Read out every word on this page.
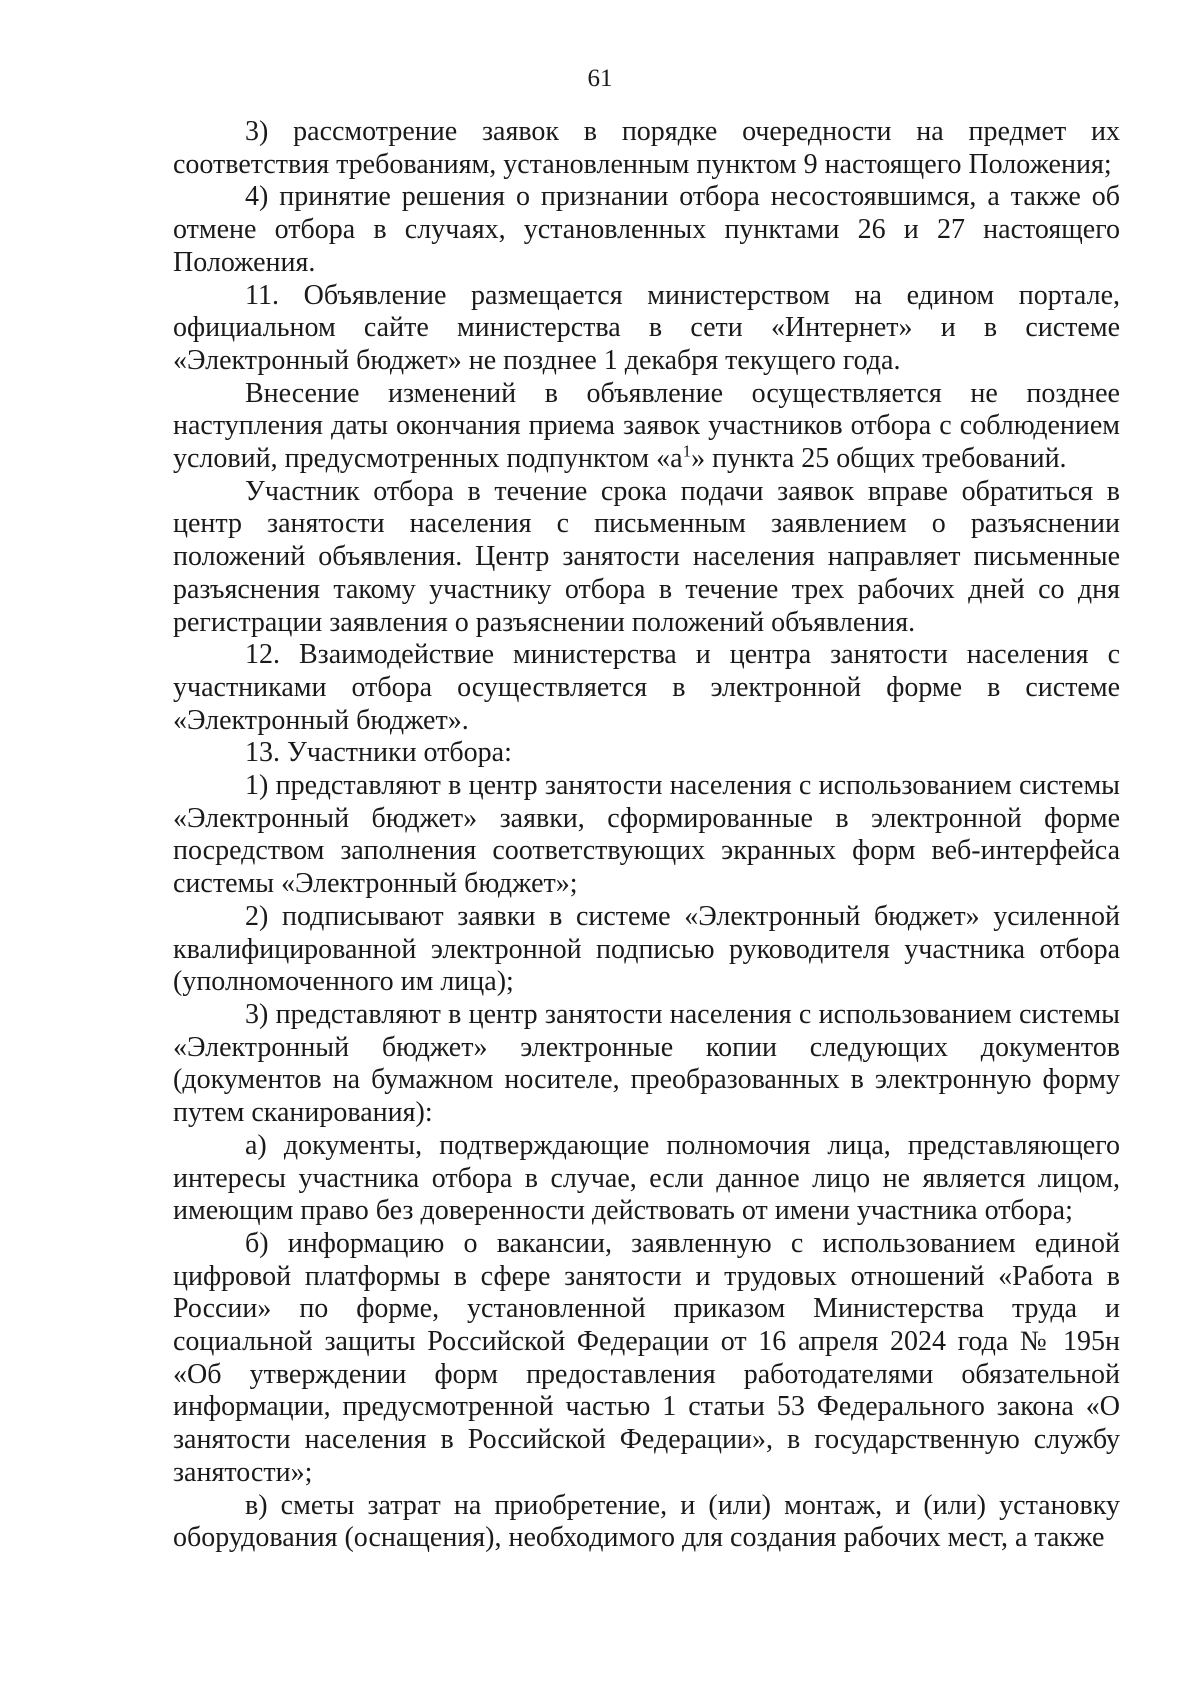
61

3) рассмотрение заявок в порядке очередности на предмет их соответствия требованиям, установленным пунктом 9 настоящего Положения;

4) принятие решения о признании отбора несостоявшимся, а также об отмене отбора в случаях, установленных пунктами 26 и 27 настоящего Положения.

11. Объявление размещается министерством на едином портале, официальном сайте министерства в сети «Интернет» и в системе «Электронный бюджет» не позднее 1 декабря текущего года.

Внесение изменений в объявление осуществляется не позднее наступления даты окончания приема заявок участников отбора с соблюдением условий, предусмотренных подпунктом «$а^1$» пункта 25 общих требований.

Участник отбора в течение срока подачи заявок вправе обратиться в центр занятости населения с письменным заявлением о разъяснении положений объявления. Центр занятости населения направляет письменные разъяснения такому участнику отбора в течение трех рабочих дней со дня регистрации заявления о разъяснении положений объявления.

12. Взаимодействие министерства и центра занятости населения с участниками отбора осуществляется в электронной форме в системе «Электронный бюджет».

13. Участники отбора:

1) представляют в центр занятости населения с использованием системы «Электронный бюджет» заявки, сформированные в электронной форме посредством заполнения соответствующих экранных форм веб-интерфейса системы «Электронный бюджет»;

2) подписывают заявки в системе «Электронный бюджет» усиленной квалифицированной электронной подписью руководителя участника отбора (уполномоченного им лица);

3) представляют в центр занятости населения с использованием системы «Электронный бюджет» электронные копии следующих документов (документов на бумажном носителе, преобразованных в электронную форму путем сканирования):

а) документы, подтверждающие полномочия лица, представляющего интересы участника отбора в случае, если данное лицо не является лицом, имеющим право без доверенности действовать от имени участника отбора;

б) информацию о вакансии, заявленную с использованием единой цифровой платформы в сфере занятости и трудовых отношений «Работа в России» по форме, установленной приказом Министерства труда и социальной защиты Российской Федерации от 16 апреля 2024 года № 195н «Об утверждении форм предоставления работодателями обязательной информации, предусмотренной частью 1 статьи 53 Федерального закона «О занятости населения в Российской Федерации», в государственную службу занятости»;

в) сметы затрат на приобретение, и (или) монтаж, и (или) установку оборудования (оснащения), необходимого для создания рабочих мест, а также
